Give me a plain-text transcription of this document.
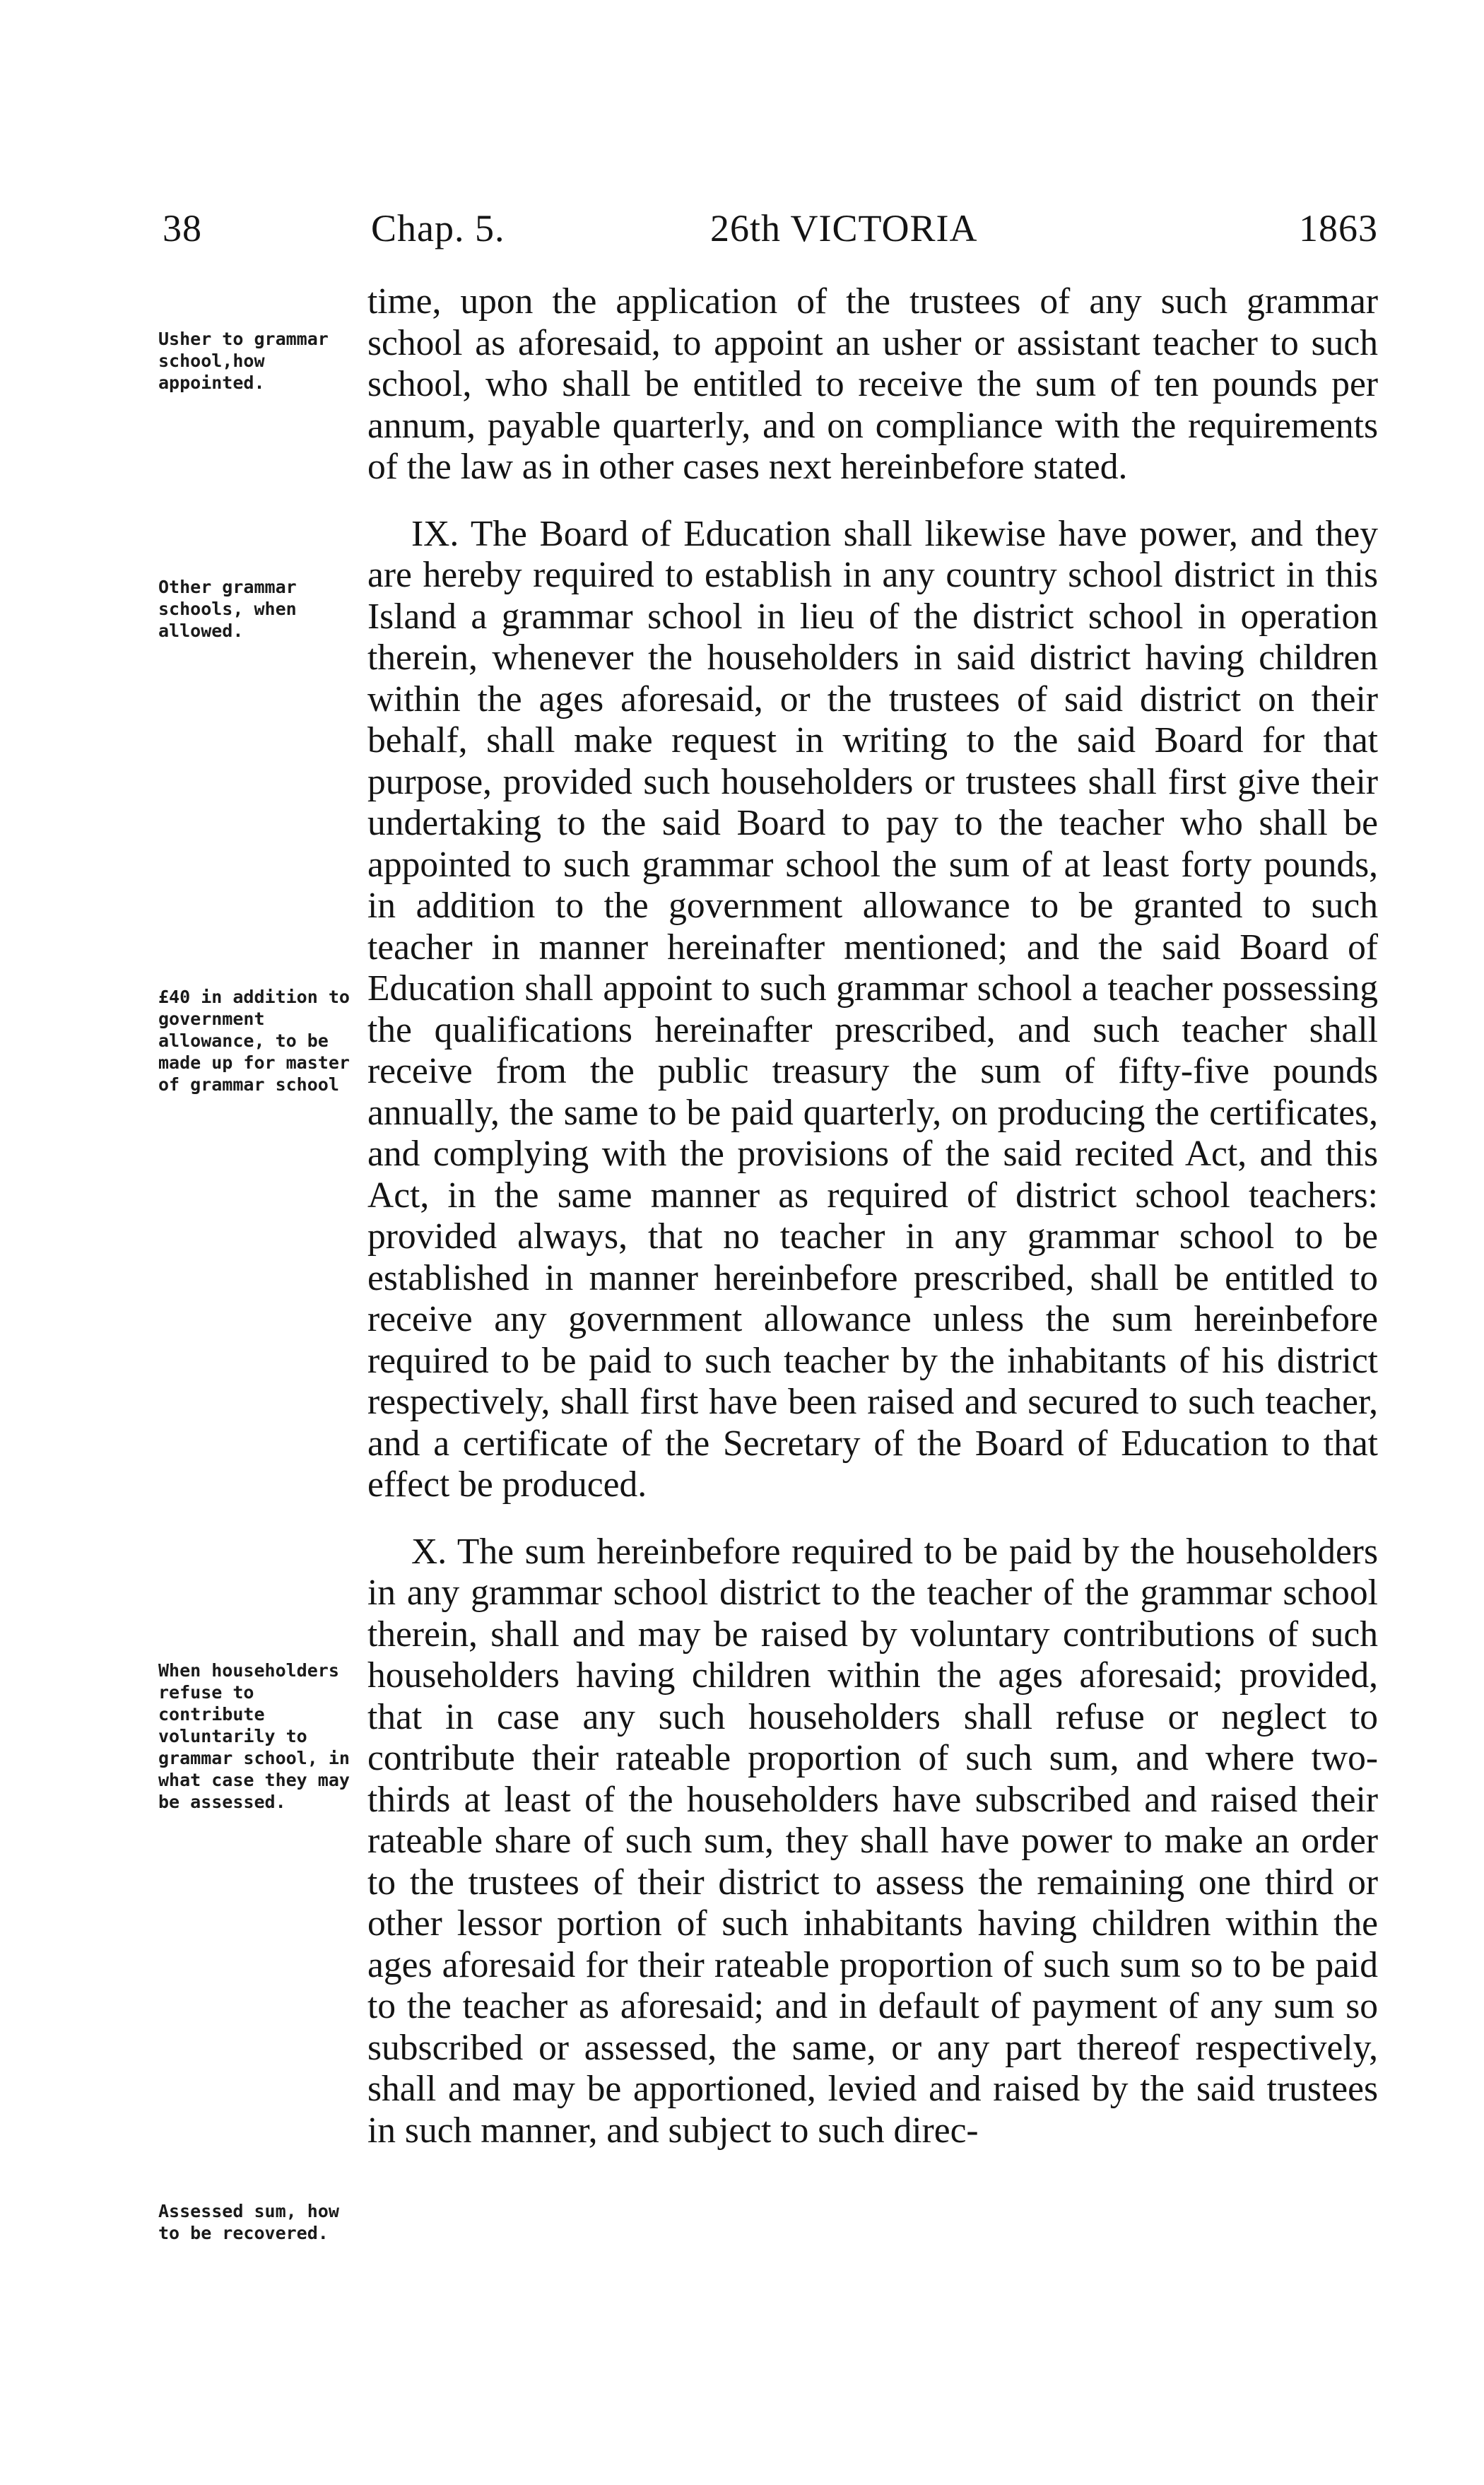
38	Chap. 5.	26th VICTORIA	1863
Usher to grammar school,how appointed.
Other grammar schools, when allowed.
£40 in addition to government allowance, to be made up for master of grammar school
When householders refuse to contribute voluntarily to grammar school, in what case they may be assessed.
Assessed sum, how to be recovered.

time, upon the application of the trustees of any such grammar school as aforesaid, to appoint an usher or assistant teacher to such school, who shall be entitled to receive the sum of ten pounds per annum, payable quarterly, and on compliance with the requirements of the law as in other cases next hereinbefore stated.

IX. The Board of Education shall likewise have power, and they are hereby required to establish in any country school district in this Island a grammar school in lieu of the district school in operation therein, whenever the householders in said district having children within the ages aforesaid, or the trustees of said district on their behalf, shall make request in writing to the said Board for that purpose, provided such householders or trustees shall first give their undertaking to the said Board to pay to the teacher who shall be appointed to such grammar school the sum of at least forty pounds, in addition to the government allowance to be granted to such teacher in manner hereinafter mentioned; and the said Board of Education shall appoint to such grammar school a teacher possessing the qualifications hereinafter prescribed, and such teacher shall receive from the public treasury the sum of fifty-five pounds annually, the same to be paid quarterly, on producing the certificates, and complying with the provisions of the said recited Act, and this Act, in the same manner as required of district school teachers: provided always, that no teacher in any grammar school to be established in manner hereinbefore prescribed, shall be entitled to receive any government allowance unless the sum hereinbefore required to be paid to such teacher by the inhabitants of his district respectively, shall first have been raised and secured to such teacher, and a certificate of the Secretary of the Board of Education to that effect be produced.

X. The sum hereinbefore required to be paid by the householders in any grammar school district to the teacher of the grammar school therein, shall and may be raised by voluntary contributions of such householders having children within the ages aforesaid; provided, that in case any such householders shall refuse or neglect to contribute their rateable proportion of such sum, and where two-thirds at least of the householders have subscribed and raised their rateable share of such sum, they shall have power to make an order to the trustees of their district to assess the remaining one third or other lessor portion of such inhabitants having children within the ages aforesaid for their rateable proportion of such sum so to be paid to the teacher as aforesaid; and in default of payment of any sum so subscribed or assessed, the same, or any part thereof respectively, shall and may be apportioned, levied and raised by the said trustees in such manner, and subject to such direc-
